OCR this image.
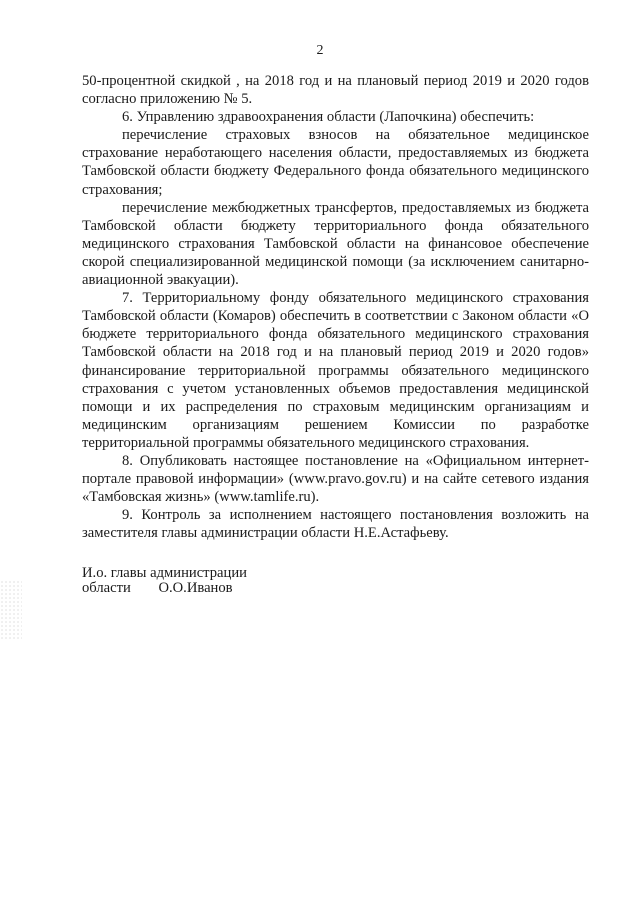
2

50-процентной скидкой , на 2018 год и на плановый период 2019 и 2020 годов согласно приложению № 5.

6. Управлению здравоохранения области (Лапочкина) обеспечить:

перечисление страховых взносов на обязательное медицинское страхование неработающего населения области, предоставляемых из бюджета Тамбовской области бюджету Федерального фонда обязательного медицинского страхования;

перечисление межбюджетных трансфертов, предоставляемых из бюджета Тамбовской области бюджету территориального фонда обязательного медицинского страхования Тамбовской области на финансовое обеспечение скорой специализированной медицинской помощи (за исключением санитарно-авиационной эвакуации).

7. Территориальному фонду обязательного медицинского страхования Тамбовской области (Комаров) обеспечить в соответствии с Законом области «О бюджете территориального фонда обязательного медицинского страхования Тамбовской области на 2018 год и на плановый период 2019 и 2020 годов» финансирование территориальной программы обязательного медицинского страхования с учетом установленных объемов предоставления медицинской помощи и их распределения по страховым медицинским организациям и медицинским организациям решением Комиссии по разработке территориальной программы обязательного медицинского страхования.

8. Опубликовать настоящее постановление на «Официальном интернет-портале правовой информации» (www.pravo.gov.ru) и на сайте сетевого издания «Тамбовская жизнь» (www.tamlife.ru).

9. Контроль за исполнением настоящего постановления возложить на заместителя главы администрации области Н.Е.Астафьеву.

И.о. главы администрации
области О.О.Иванов
